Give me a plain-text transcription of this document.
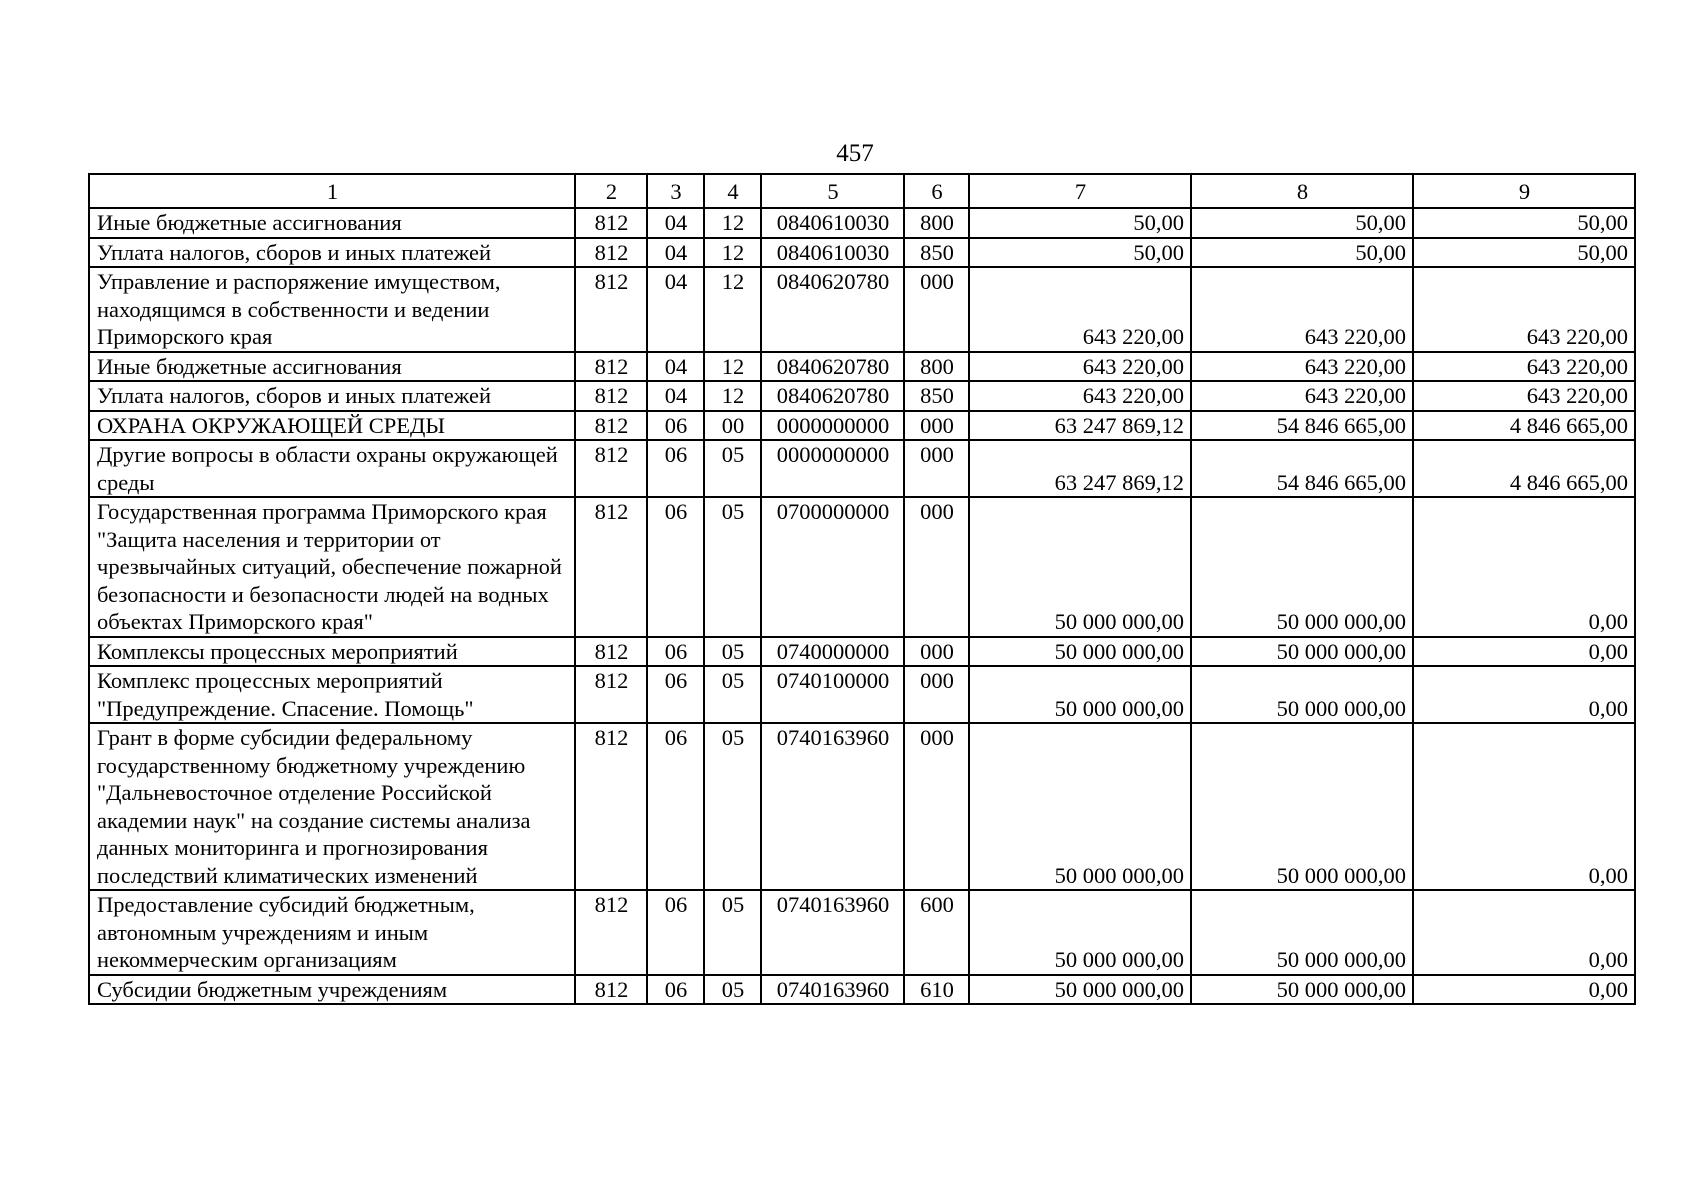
457
1	2	3	4	5	6	7	8	9
Иные бюджетные ассигнования	812	04	12	0840610030	800	50,00	50,00	50,00
Уплата налогов, сборов и иных платежей	812	04	12	0840610030	850	50,00	50,00	50,00
Управление и распоряжение имуществом, находящимся в собственности и ведении Приморского края	812	04	12	0840620780	000	643 220,00	643 220,00	643 220,00
Иные бюджетные ассигнования	812	04	12	0840620780	800	643 220,00	643 220,00	643 220,00
Уплата налогов, сборов и иных платежей	812	04	12	0840620780	850	643 220,00	643 220,00	643 220,00
ОХРАНА ОКРУЖАЮЩЕЙ СРЕДЫ	812	06	00	0000000000	000	63 247 869,12	54 846 665,00	4 846 665,00
Другие вопросы в области охраны окружающей среды	812	06	05	0000000000	000	63 247 869,12	54 846 665,00	4 846 665,00
Государственная программа Приморского края "Защита населения и территории от чрезвычайных ситуаций, обеспечение пожарной безопасности и безопасности людей на водных объектах Приморского края"	812	06	05	0700000000	000	50 000 000,00	50 000 000,00	0,00
Комплексы процессных мероприятий	812	06	05	0740000000	000	50 000 000,00	50 000 000,00	0,00
Комплекс процессных мероприятий "Предупреждение. Спасение. Помощь"	812	06	05	0740100000	000	50 000 000,00	50 000 000,00	0,00
Грант в форме субсидии федеральному государственному бюджетному учреждению "Дальневосточное отделение Российской академии наук" на создание системы анализа данных мониторинга и прогнозирования последствий климатических изменений	812	06	05	0740163960	000	50 000 000,00	50 000 000,00	0,00
Предоставление субсидий бюджетным, автономным учреждениям и иным некоммерческим организациям	812	06	05	0740163960	600	50 000 000,00	50 000 000,00	0,00
Субсидии бюджетным учреждениям	812	06	05	0740163960	610	50 000 000,00	50 000 000,00	0,00
